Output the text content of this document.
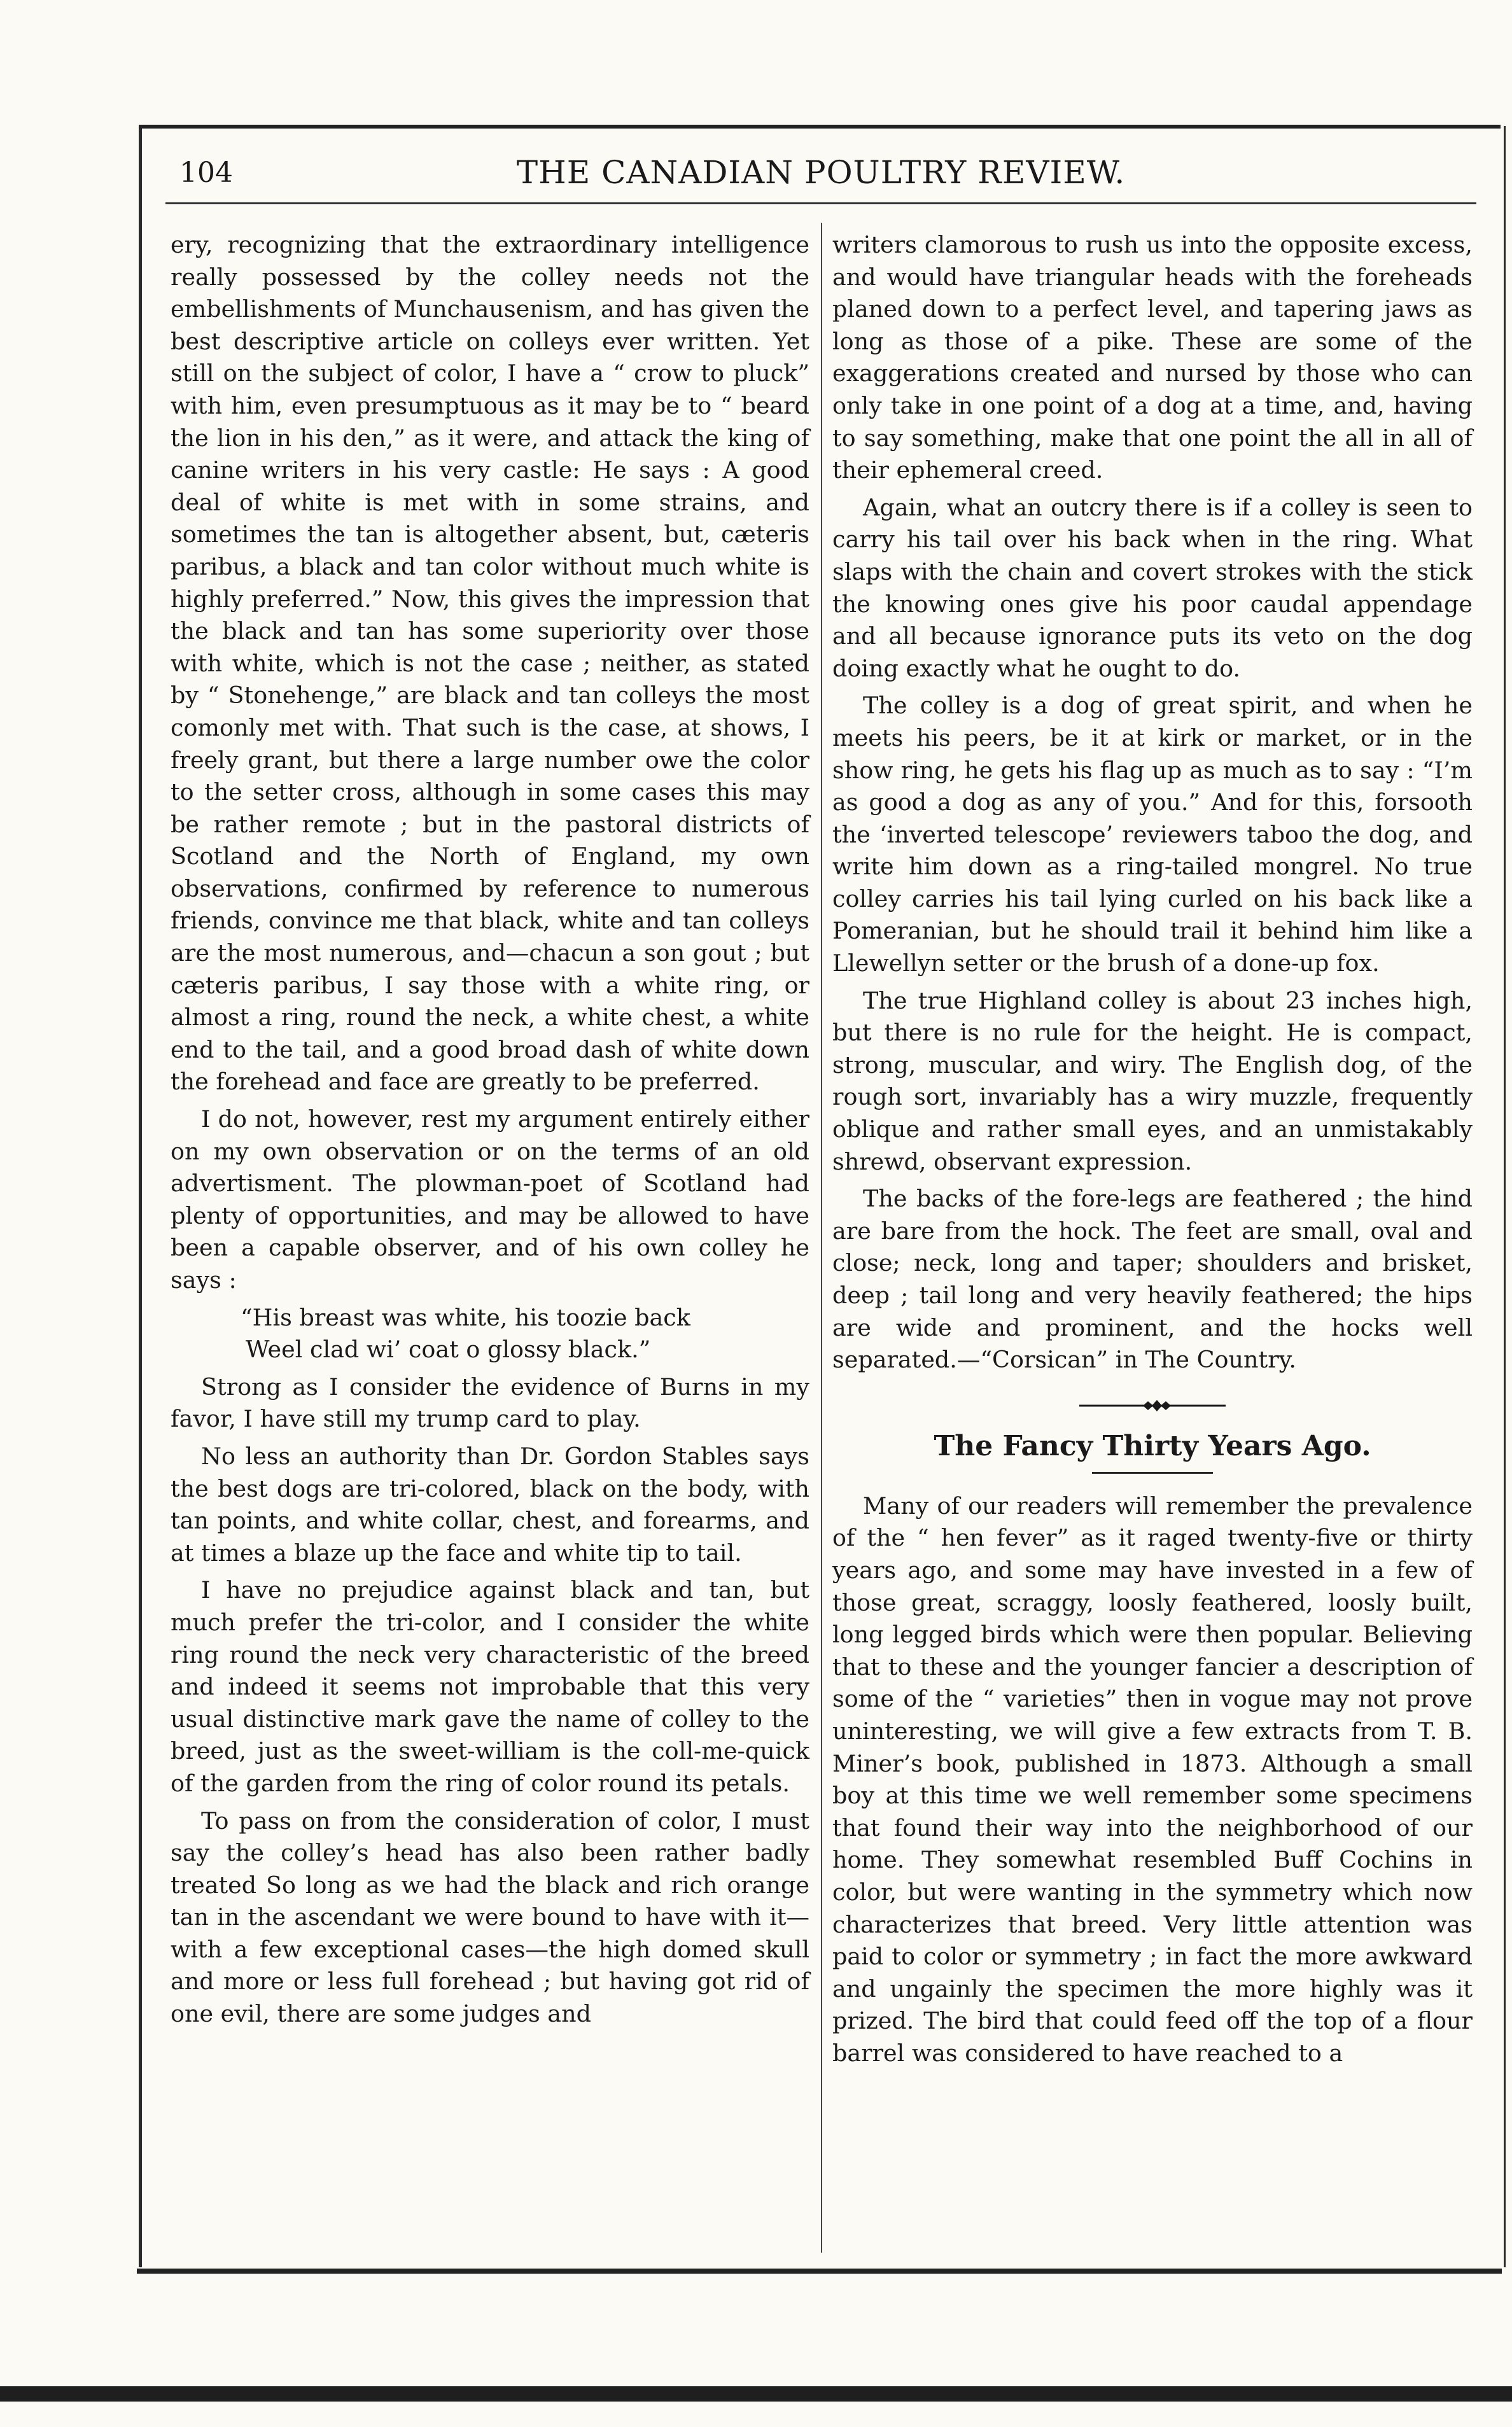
104	THE CANADIAN POULTRY REVIEW.

ery, recognizing that the extraordinary intelligence really possessed by the colley needs not the embellishments of Munchausenism, and has given the best descriptive article on colleys ever written. Yet still on the subject of color, I have a “ crow to pluck” with him, even presumptuous as it may be to “ beard the lion in his den,” as it were, and attack the king of canine writers in his very castle: He says : A good deal of white is met with in some strains, and sometimes the tan is altogether absent, but, cæteris paribus, a black and tan color without much white is highly preferred.” Now, this gives the impression that the black and tan has some superiority over those with white, which is not the case ; neither, as stated by “ Stonehenge,” are black and tan colleys the most comonly met with. That such is the case, at shows, I freely grant, but there a large number owe the color to the setter cross, although in some cases this may be rather remote ; but in the pastoral districts of Scotland and the North of England, my own observations, confirmed by reference to numerous friends, convince me that black, white and tan colleys are the most numerous, and—chacun a son gout ; but cæteris paribus, I say those with a white ring, or almost a ring, round the neck, a white chest, a white end to the tail, and a good broad dash of white down the forehead and face are greatly to be preferred.

I do not, however, rest my argument entirely either on my own observation or on the terms of an old advertisment. The plowman-poet of Scotland had plenty of opportunities, and may be allowed to have been a capable observer, and of his own colley he says :

“His breast was white, his toozie back
Weel clad wi’ coat o glossy black.”

Strong as I consider the evidence of Burns in my favor, I have still my trump card to play.

No less an authority than Dr. Gordon Stables says the best dogs are tri-colored, black on the body, with tan points, and white collar, chest, and forearms, and at times a blaze up the face and white tip to tail.

I have no prejudice against black and tan, but much prefer the tri-color, and I consider the white ring round the neck very characteristic of the breed and indeed it seems not improbable that this very usual distinctive mark gave the name of colley to the breed, just as the sweet-william is the coll-me-quick of the garden from the ring of color round its petals.

To pass on from the consideration of color, I must say the colley’s head has also been rather badly treated So long as we had the black and rich orange tan in the ascendant we were bound to have with it—with a few exceptional cases—the high domed skull and more or less full forehead ; but having got rid of one evil, there are some judges and

writers clamorous to rush us into the opposite excess, and would have triangular heads with the foreheads planed down to a perfect level, and tapering jaws as long as those of a pike. These are some of the exaggerations created and nursed by those who can only take in one point of a dog at a time, and, having to say something, make that one point the all in all of their ephemeral creed.

Again, what an outcry there is if a colley is seen to carry his tail over his back when in the ring. What slaps with the chain and covert strokes with the stick the knowing ones give his poor caudal appendage and all because ignorance puts its veto on the dog doing exactly what he ought to do.

The colley is a dog of great spirit, and when he meets his peers, be it at kirk or market, or in the show ring, he gets his flag up as much as to say : “I’m as good a dog as any of you.” And for this, forsooth the ‘inverted telescope’ reviewers taboo the dog, and write him down as a ring-tailed mongrel. No true colley carries his tail lying curled on his back like a Pomeranian, but he should trail it behind him like a Llewellyn setter or the brush of a done-up fox.

The true Highland colley is about 23 inches high, but there is no rule for the height. He is compact, strong, muscular, and wiry. The English dog, of the rough sort, invariably has a wiry muzzle, frequently oblique and rather small eyes, and an unmistakably shrewd, observant expression.

The backs of the fore-legs are feathered ; the hind are bare from the hock. The feet are small, oval and close; neck, long and taper; shoulders and brisket, deep ; tail long and very heavily feathered; the hips are wide and prominent, and the hocks well separated.—“Corsican” in The Country.

The Fancy Thirty Years Ago.

Many of our readers will remember the prevalence of the “ hen fever” as it raged twenty-five or thirty years ago, and some may have invested in a few of those great, scraggy, loosly feathered, loosly built, long legged birds which were then popular. Believing that to these and the younger fancier a description of some of the “ varieties” then in vogue may not prove uninteresting, we will give a few extracts from T. B. Miner’s book, published in 1873. Although a small boy at this time we well remember some specimens that found their way into the neighborhood of our home. They somewhat resembled Buff Cochins in color, but were wanting in the symmetry which now characterizes that breed. Very little attention was paid to color or symmetry ; in fact the more awkward and ungainly the specimen the more highly was it prized. The bird that could feed off the top of a flour barrel was considered to have reached to a
